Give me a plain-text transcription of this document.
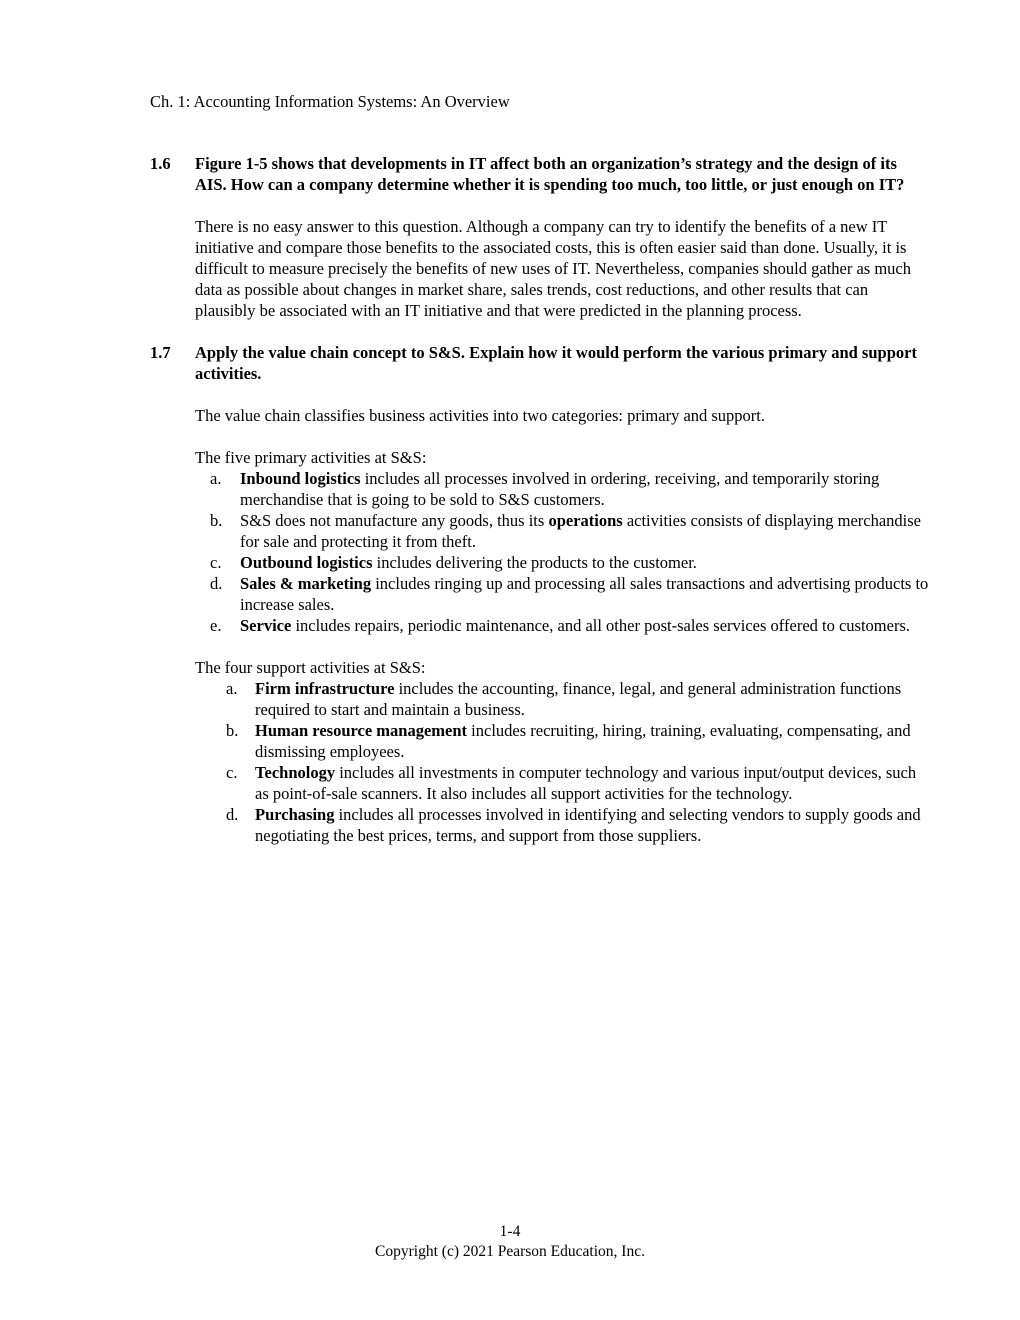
Ch. 1: Accounting Information Systems: An Overview

1.6 Figure 1-5 shows that developments in IT affect both an organization’s strategy and the design of its AIS. How can a company determine whether it is spending too much, too little, or just enough on IT?

There is no easy answer to this question. Although a company can try to identify the benefits of a new IT initiative and compare those benefits to the associated costs, this is often easier said than done. Usually, it is difficult to measure precisely the benefits of new uses of IT. Nevertheless, companies should gather as much data as possible about changes in market share, sales trends, cost reductions, and other results that can plausibly be associated with an IT initiative and that were predicted in the planning process.

1.7 Apply the value chain concept to S&S. Explain how it would perform the various primary and support activities.

The value chain classifies business activities into two categories: primary and support.

The five primary activities at S&S:

a. Inbound logistics includes all processes involved in ordering, receiving, and temporarily storing merchandise that is going to be sold to S&S customers.
b. S&S does not manufacture any goods, thus its operations activities consists of displaying merchandise for sale and protecting it from theft.
c. Outbound logistics includes delivering the products to the customer.
d. Sales & marketing includes ringing up and processing all sales transactions and advertising products to increase sales.
e. Service includes repairs, periodic maintenance, and all other post-sales services offered to customers.

The four support activities at S&S:

a. Firm infrastructure includes the accounting, finance, legal, and general administration functions required to start and maintain a business.
b. Human resource management includes recruiting, hiring, training, evaluating, compensating, and dismissing employees.
c. Technology includes all investments in computer technology and various input/output devices, such as point-of-sale scanners. It also includes all support activities for the technology.
d. Purchasing includes all processes involved in identifying and selecting vendors to supply goods and negotiating the best prices, terms, and support from those suppliers.
1-4
Copyright (c) 2021 Pearson Education, Inc.
